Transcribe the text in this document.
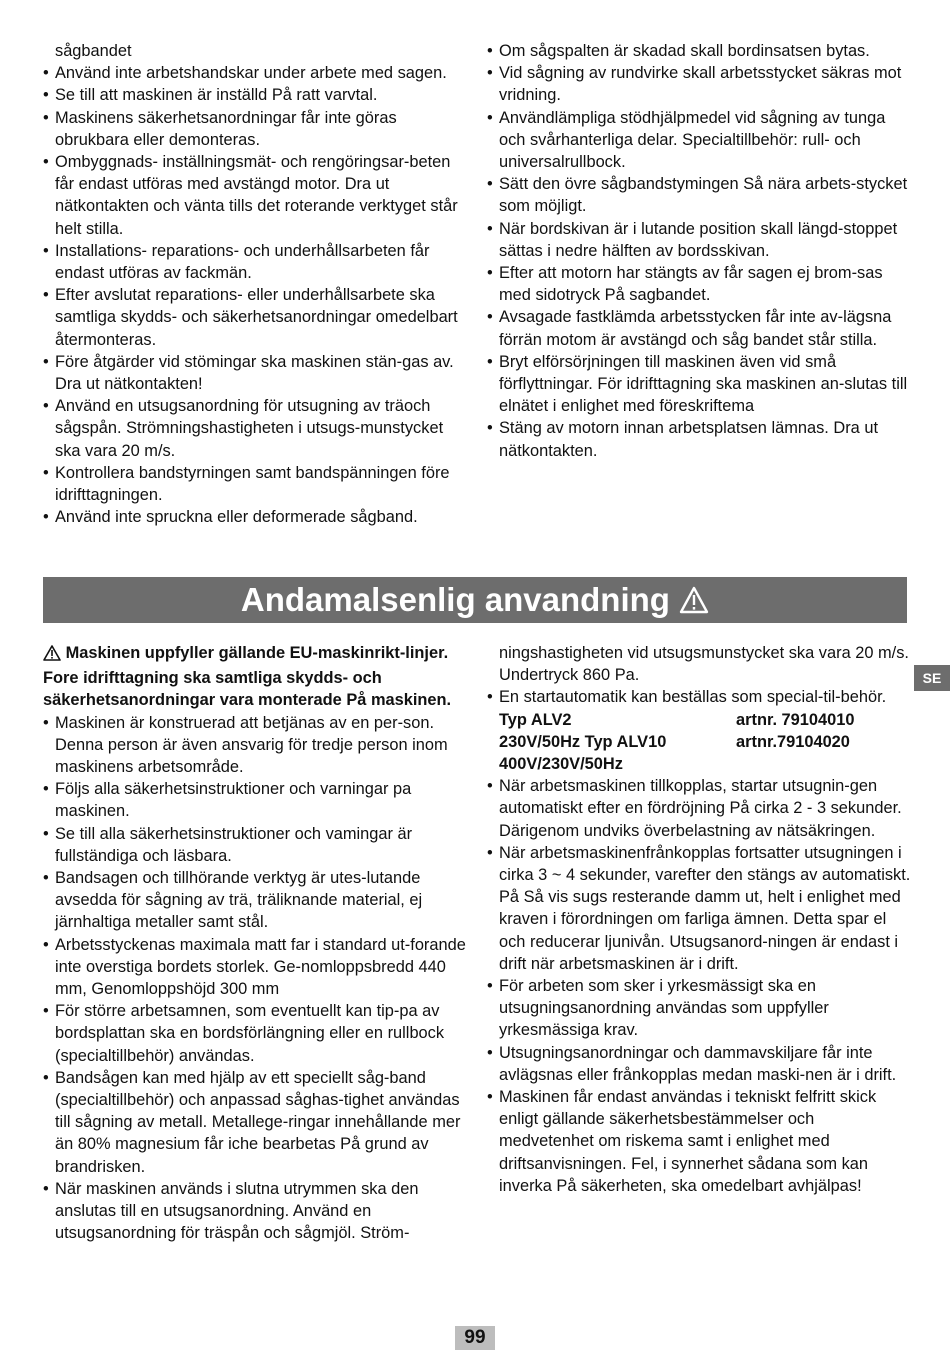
sågbandet

• Använd inte arbetshandskar under arbete med sagen.

• Se till att maskinen är inställd På ratt varvtal.

• Maskinens säkerhetsanordningar får inte göras obrukbara eller demonteras.

• Ombyggnads- inställningsmät- och rengöringsar-beten får endast utföras med avstängd motor. Dra ut nätkontakten och vänta tills det roterande verktyget står helt stilla.

• Installations- reparations- och underhållsarbeten får endast utföras av fackmän.

• Efter avslutat reparations- eller underhållsarbete ska samtliga skydds- och säkerhetsanordningar omedelbart återmonteras.

• Före åtgärder vid stömingar ska maskinen stän-gas av. Dra ut nätkontakten!

• Använd en utsugsanordning för utsugning av träoch sågspån. Strömningshastigheten i utsugs-munstycket ska vara 20 m/s.

• Kontrollera bandstyrningen samt bandspänningen före idrifttagningen.

• Använd inte spruckna eller deformerade sågband.

• Om sågspalten är skadad skall bordinsatsen bytas.

• Vid sågning av rundvirke skall arbetsstycket säkras mot vridning.

• Användlämpliga stödhjälpmedel vid sågning av tunga och svårhanterliga delar. Specialtillbehör: rull- och universalrullbock.

• Sätt den övre sågbandstymingen Så nära arbets-stycket som möjligt.

• När bordskivan är i lutande position skall längd-stoppet sättas i nedre hälften av bordsskivan.

• Efter att motorn har stängts av får sagen ej brom-sas med sidotryck På sagbandet.

• Avsagade fastklämda arbetsstycken får inte av-lägsna förrän motom är avstängd och såg bandet står stilla.

• Bryt elförsörjningen till maskinen även vid små förflyttningar. För idrifttagning ska maskinen an-slutas till elnätet i enlighet med föreskriftema

• Stäng av motorn innan arbetsplatsen lämnas. Dra ut nätkontakten.

Andamalsenlig anvandning
SE

Maskinen uppfyller gällande EU-maskinrikt-linjer. Fore idrifttagning ska samtliga skydds- och säkerhetsanordningar vara monterade På maskinen.

• Maskinen är konstruerad att betjänas av en per-son. Denna person är även ansvarig för tredje person inom maskinens arbetsområde.

• Följs alla säkerhetsinstruktioner och varningar pa maskinen.

• Se till alla säkerhetsinstruktioner och vamingar är fullständiga och läsbara.

• Bandsagen och tillhörande verktyg är utes-lutande avsedda för sågning av trä, träliknande material, ej järnhaltiga metaller samt stål.

• Arbetsstyckenas maximala matt far i standard ut-forande inte overstiga bordets storlek. Ge-nomloppsbredd 440 mm, Genomloppshöjd 300 mm

• För större arbetsamnen, som eventuellt kan tip-pa av bordsplattan ska en bordsförlängning eller en rullbock (specialtillbehör) användas.

• Bandsågen kan med hjälp av ett speciellt såg-band (specialtillbehör) och anpassad såghas-tighet användas till sågning av metall. Metallege-ringar innehållande mer än 80% magnesium får iche bearbetas På grund av brandrisken.

• När maskinen används i slutna utrymmen ska den anslutas till en utsugsanordning. Använd en utsugsanordning för träspån och sågmjöl. Ström-

ningshastigheten vid utsugsmunstycket ska vara 20 m/s. Undertryck 860 Pa.

• En startautomatik kan beställas som special-til-behör.
Typ ALV2	artnr. 79104010
230V/50Hz Typ ALV10	artnr.79104020
400V/230V/50Hz

• När arbetsmaskinen tillkopplas, startar utsugnin-gen automatiskt efter en fördröjning På cirka 2 - 3 sekunder. Därigenom undviks överbelastning av nätsäkringen.

• När arbetsmaskinenfrånkopplas fortsatter utsugningen i cirka 3 ~ 4 sekunder, varefter den stängs av automatiskt. På Så vis sugs resterande damm ut, helt i enlighet med kraven i förordningen om farliga ämnen. Detta spar el och reducerar ljunivån. Utsugsanord-ningen är endast i drift när arbetsmaskinen är i drift.

• För arbeten som sker i yrkesmässigt ska en utsugningsanordning användas som uppfyller yrkesmässiga krav.

• Utsugningsanordningar och dammavskiljare får inte avlägsnas eller frånkopplas medan maski-nen är i drift.

• Maskinen får endast användas i tekniskt felfritt skick enligt gällande säkerhetsbestämmelser och medvetenhet om riskema samt i enlighet med driftsanvisningen. Fel, i synnerhet sådana som kan inverka På säkerheten, ska omedelbart avhjälpas!

99
